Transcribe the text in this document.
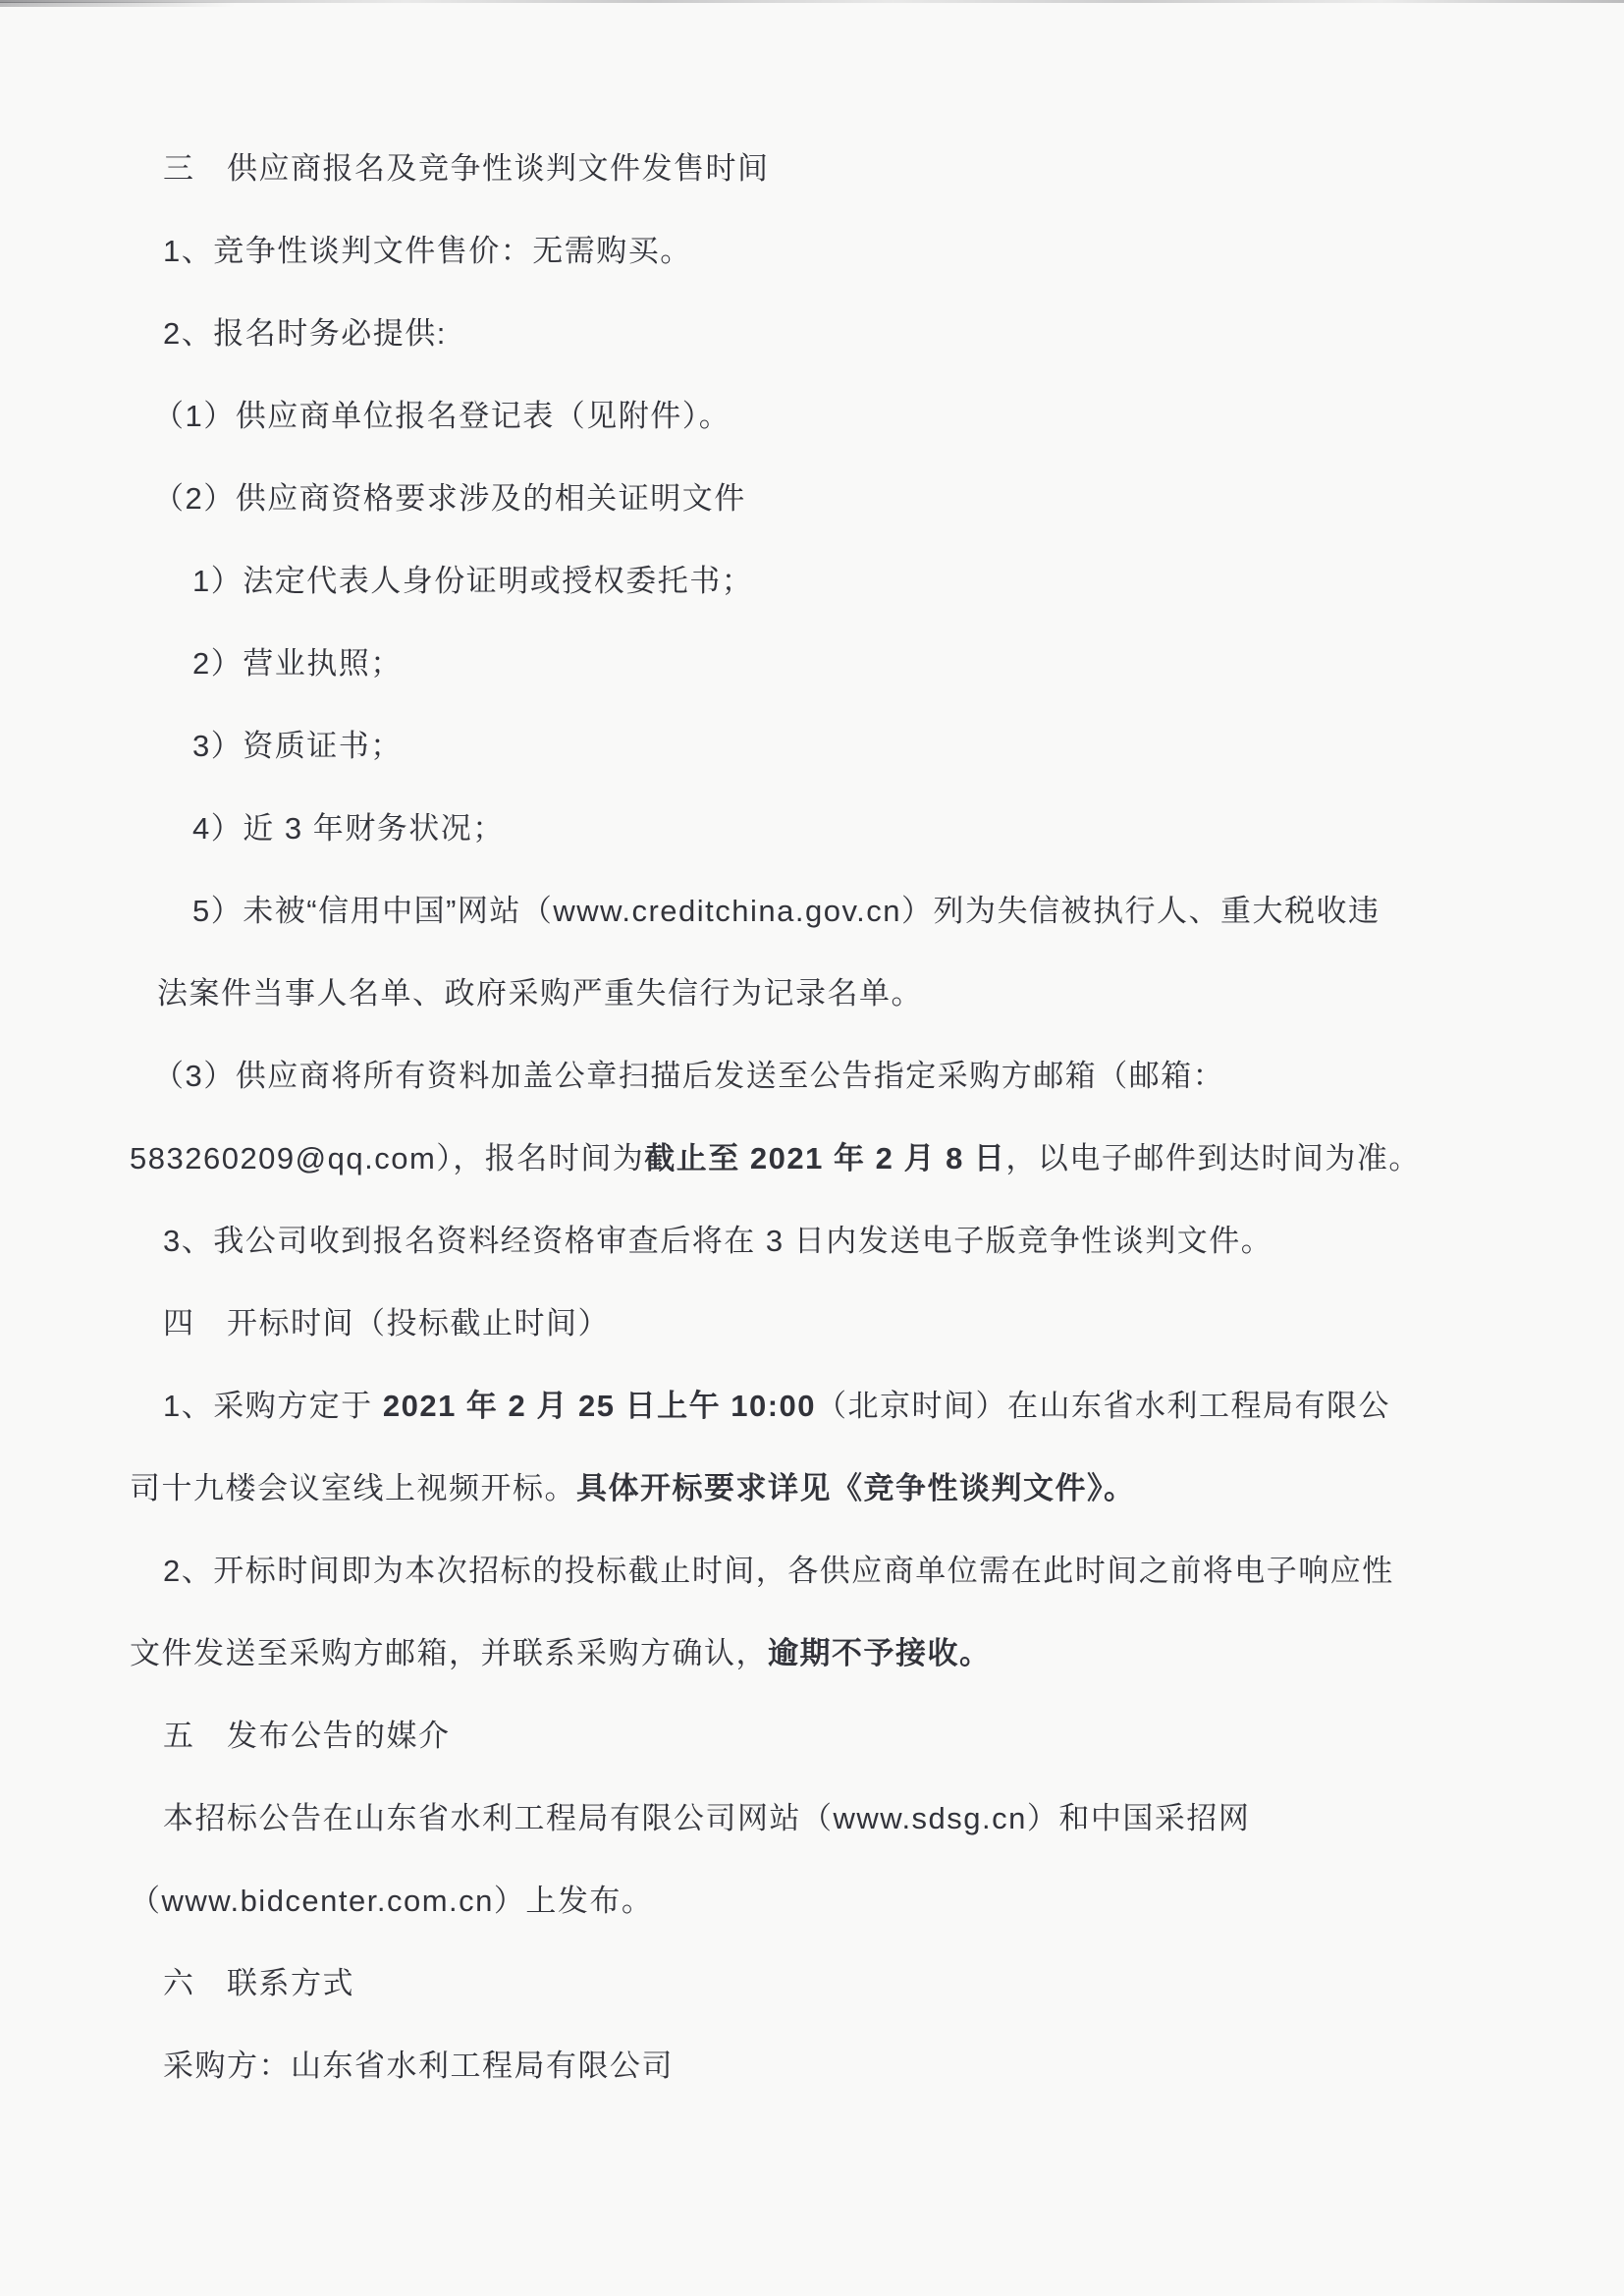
三　供应商报名及竞争性谈判文件发售时间
1、竞争性谈判文件售价：无需购买。
2、报名时务必提供:
（1）供应商单位报名登记表（见附件）。
（2）供应商资格要求涉及的相关证明文件
1）法定代表人身份证明或授权委托书；
2）营业执照；
3）资质证书；
4）近 3 年财务状况；
5）未被“信用中国”网站（www.creditchina.gov.cn）列为失信被执行人、重大税收违
法案件当事人名单、政府采购严重失信行为记录名单。
（3）供应商将所有资料加盖公章扫描后发送至公告指定采购方邮箱（邮箱：
583260209@qq.com），报名时间为截止至 2021 年 2 月 8 日，以电子邮件到达时间为准。
3、我公司收到报名资料经资格审查后将在 3 日内发送电子版竞争性谈判文件。
四　开标时间（投标截止时间）
1、采购方定于 2021 年 2 月 25 日上午 10:00（北京时间）在山东省水利工程局有限公
司十九楼会议室线上视频开标。具体开标要求详见《竞争性谈判文件》。
2、开标时间即为本次招标的投标截止时间，各供应商单位需在此时间之前将电子响应性
文件发送至采购方邮箱，并联系采购方确认，逾期不予接收。
五　发布公告的媒介
本招标公告在山东省水利工程局有限公司网站（www.sdsg.cn）和中国采招网
（www.bidcenter.com.cn）上发布。
六　联系方式
采购方：山东省水利工程局有限公司
